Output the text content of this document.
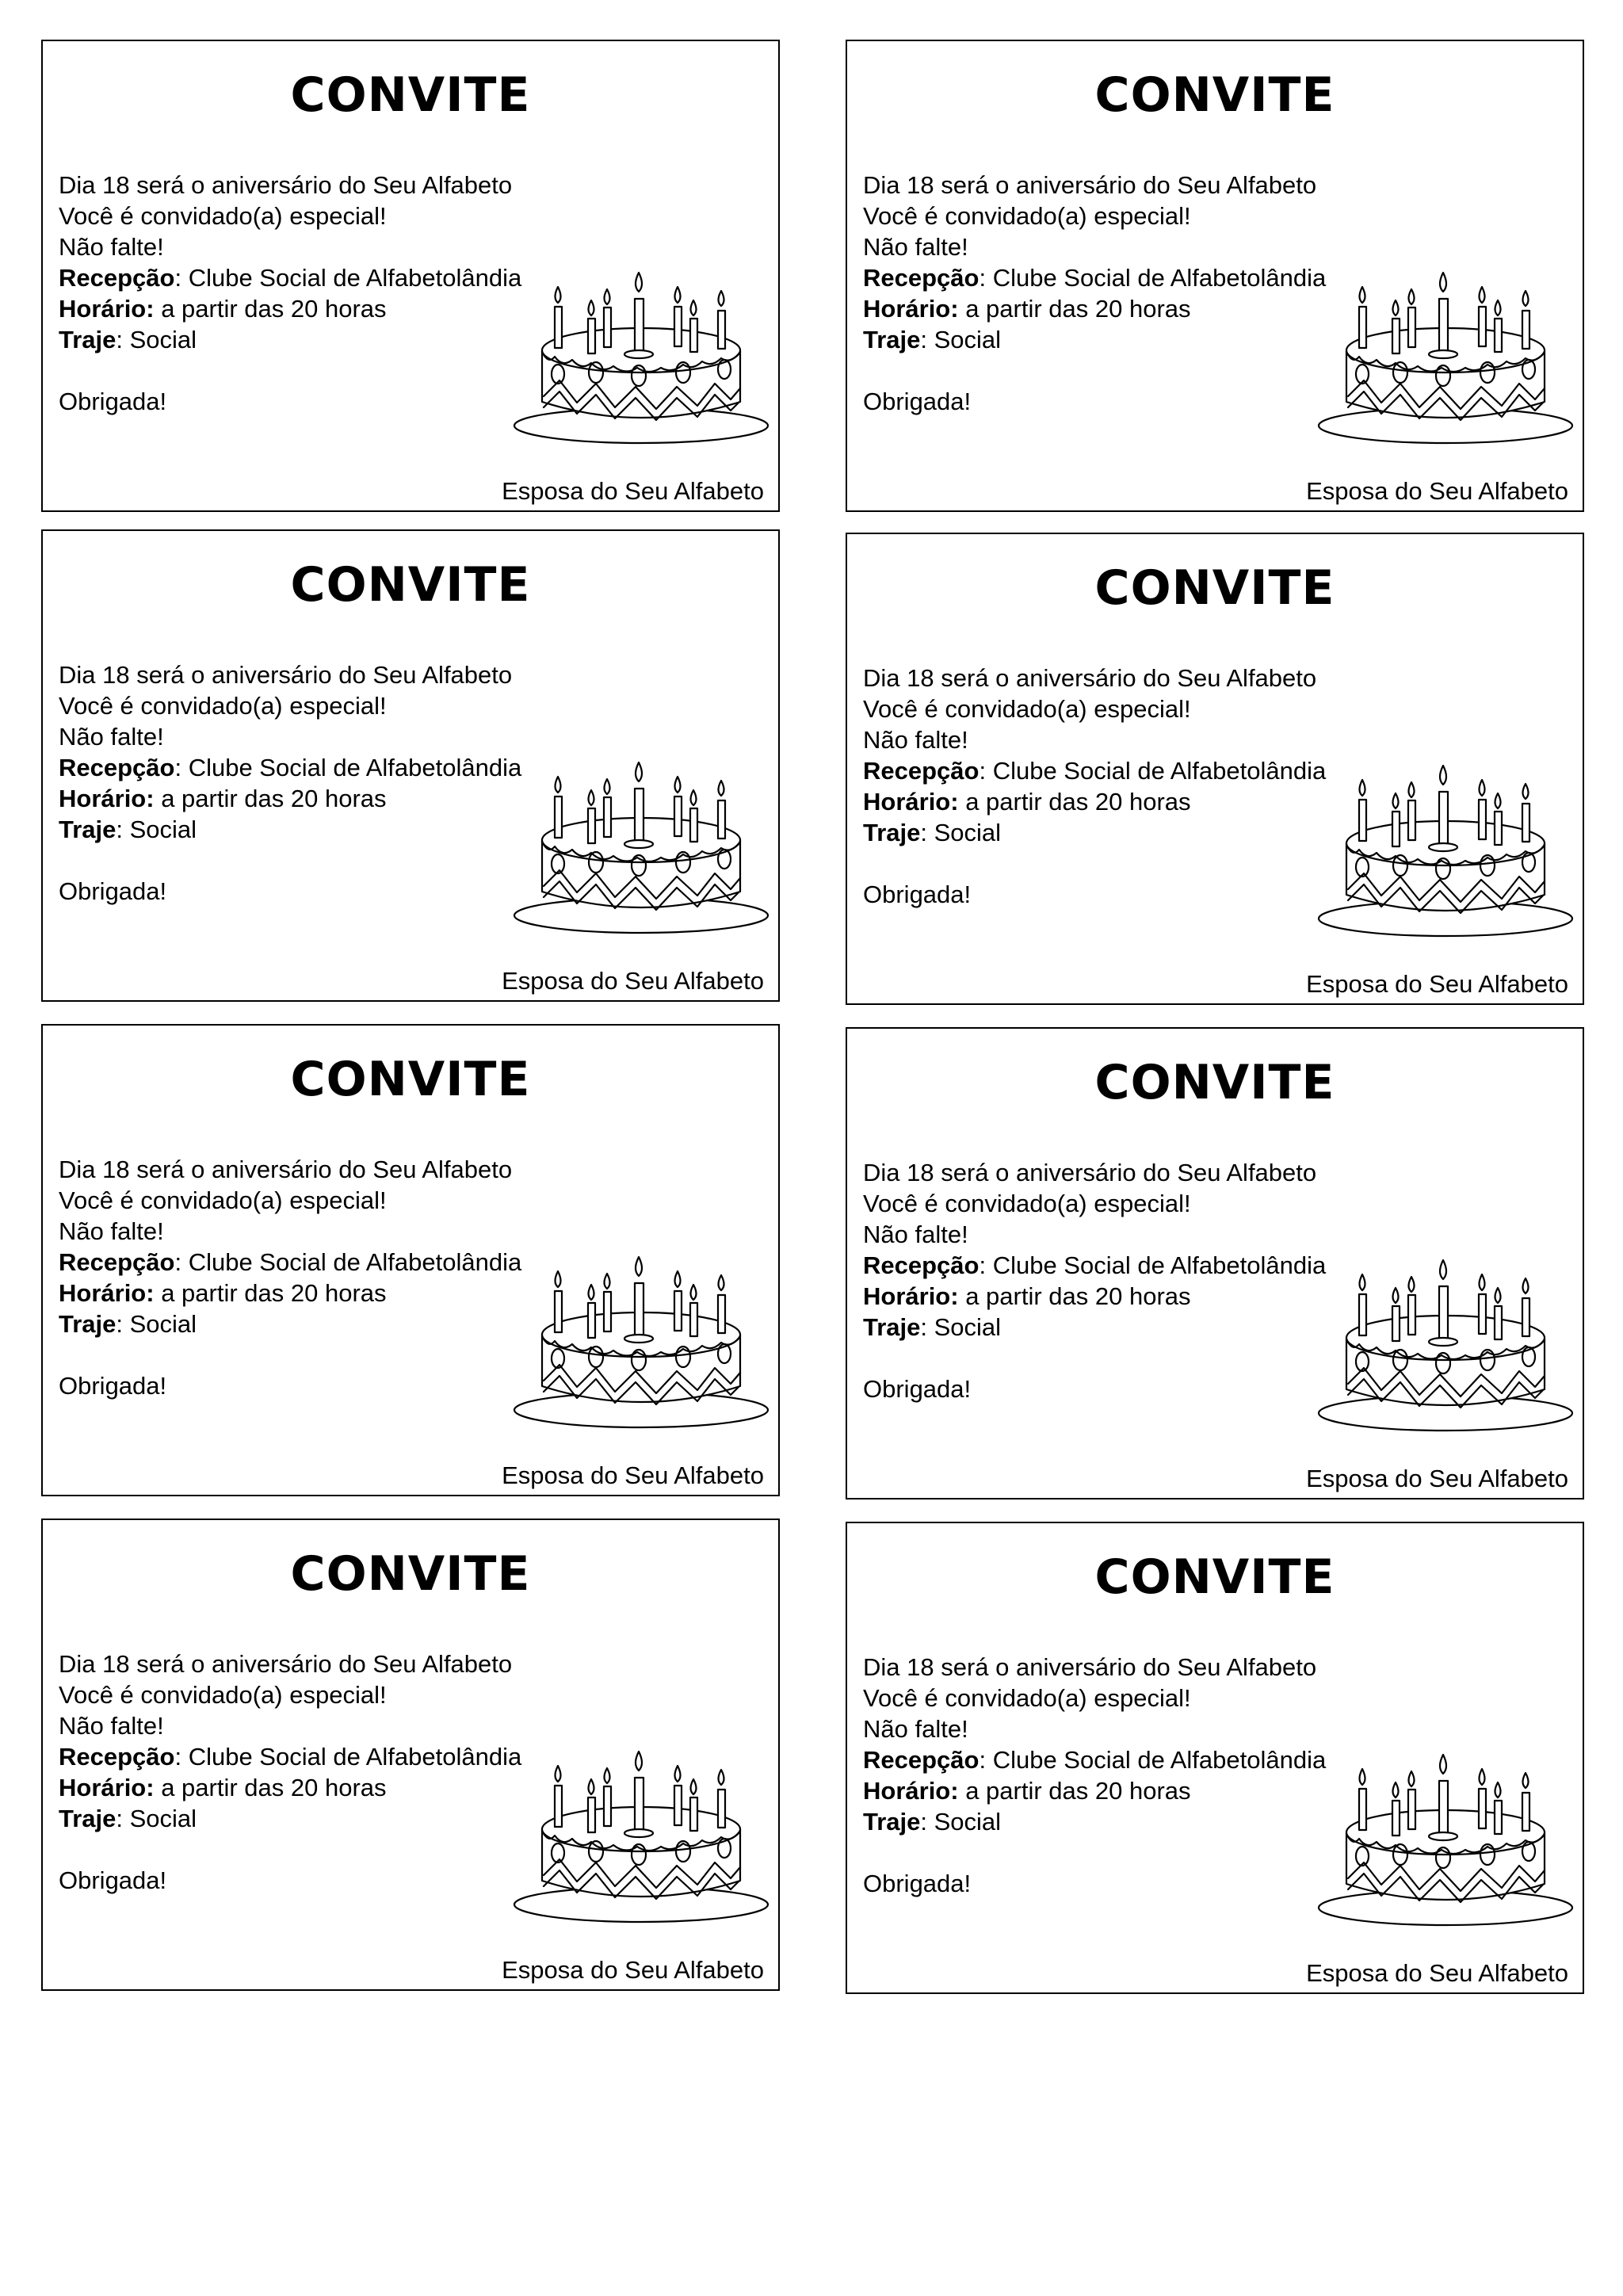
CONVITE
Dia 18 será o aniversário do Seu Alfabeto
Você é convidado(a) especial!
Não falte!
Recepção: Clube Social de Alfabetolândia
Horário: a partir das 20 horas
Traje: Social
Obrigada!
Esposa do Seu Alfabeto
CONVITE
Dia 18 será o aniversário do Seu Alfabeto
Você é convidado(a) especial!
Não falte!
Recepção: Clube Social de Alfabetolândia
Horário: a partir das 20 horas
Traje: Social
Obrigada!
Esposa do Seu Alfabeto
CONVITE
Dia 18 será o aniversário do Seu Alfabeto
Você é convidado(a) especial!
Não falte!
Recepção: Clube Social de Alfabetolândia
Horário: a partir das 20 horas
Traje: Social
Obrigada!
Esposa do Seu Alfabeto
CONVITE
Dia 18 será o aniversário do Seu Alfabeto
Você é convidado(a) especial!
Não falte!
Recepção: Clube Social de Alfabetolândia
Horário: a partir das 20 horas
Traje: Social
Obrigada!
Esposa do Seu Alfabeto
CONVITE
Dia 18 será o aniversário do Seu Alfabeto
Você é convidado(a) especial!
Não falte!
Recepção: Clube Social de Alfabetolândia
Horário: a partir das 20 horas
Traje: Social
Obrigada!
Esposa do Seu Alfabeto
CONVITE
Dia 18 será o aniversário do Seu Alfabeto
Você é convidado(a) especial!
Não falte!
Recepção: Clube Social de Alfabetolândia
Horário: a partir das 20 horas
Traje: Social
Obrigada!
Esposa do Seu Alfabeto
CONVITE
Dia 18 será o aniversário do Seu Alfabeto
Você é convidado(a) especial!
Não falte!
Recepção: Clube Social de Alfabetolândia
Horário: a partir das 20 horas
Traje: Social
Obrigada!
Esposa do Seu Alfabeto
CONVITE
Dia 18 será o aniversário do Seu Alfabeto
Você é convidado(a) especial!
Não falte!
Recepção: Clube Social de Alfabetolândia
Horário: a partir das 20 horas
Traje: Social
Obrigada!
Esposa do Seu Alfabeto
